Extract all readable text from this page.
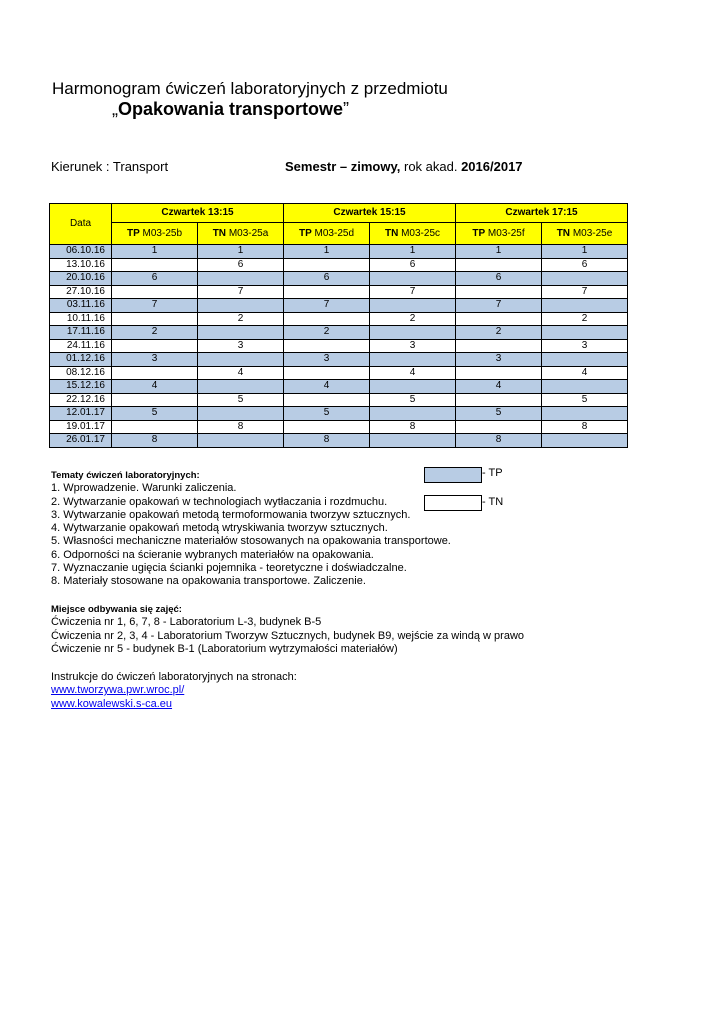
Harmonogram ćwiczeń laboratoryjnych z przedmiotu
„Opakowania transportowe”
Kierunek : Transport	Semestr – zimowy, rok akad. 2016/2017
Data	Czwartek 13:15		Czwartek 15:15		Czwartek 17:15	
	TP M03-25b	TN M03-25a	TP M03-25d	TN M03-25c	TP M03-25f	TN M03-25e
06.10.16	1	1	1	1	1	1
13.10.16		6		6		6
20.10.16	6		6		6	
27.10.16		7		7		7
03.11.16	7		7		7	
10.11.16		2		2		2
17.11.16	2		2		2	
24.11.16		3		3		3
01.12.16	3		3		3	
08.12.16		4		4		4
15.12.16	4		4		4	
22.12.16		5		5		5
12.01.17	5		5		5	
19.01.17		8		8		8
26.01.17	8		8		8	
- TP
- TN
Tematy ćwiczeń laboratoryjnych:
1. Wprowadzenie. Warunki zaliczenia.
2. Wytwarzanie opakowań w technologiach wytłaczania i rozdmuchu.
3. Wytwarzanie opakowań metodą termoformowania tworzyw sztucznych.
4. Wytwarzanie opakowań metodą wtryskiwania tworzyw sztucznych.
5. Własności mechaniczne materiałów stosowanych na opakowania transportowe.
6. Odporności na ścieranie wybranych materiałów na opakowania.
7. Wyznaczanie ugięcia ścianki pojemnika - teoretyczne i doświadczalne.
8. Materiały stosowane na opakowania transportowe. Zaliczenie.
Miejsce odbywania się zajęć:
Ćwiczenia nr 1, 6, 7, 8 - Laboratorium L-3, budynek B-5
Ćwiczenia nr 2, 3, 4 - Laboratorium Tworzyw Sztucznych, budynek B9, wejście za windą w prawo
Ćwiczenie nr 5 - budynek B-1 (Laboratorium wytrzymałości materiałów)
Instrukcje do ćwiczeń laboratoryjnych na stronach:
www.tworzywa.pwr.wroc.pl/
www.kowalewski.s-ca.eu
